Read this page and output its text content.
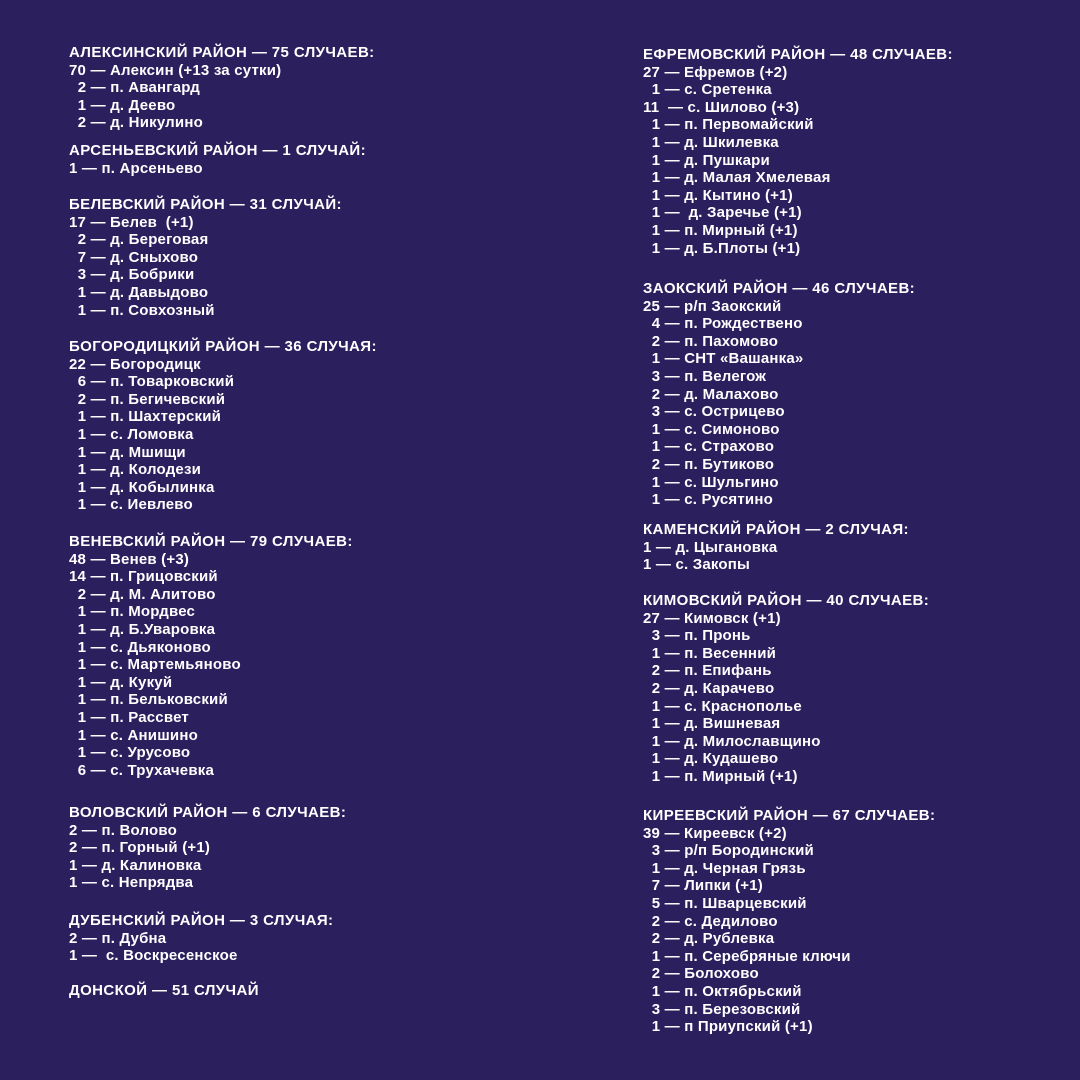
АЛЕКСИНСКИЙ РАЙОН — 75 СЛУЧАЕВ:
70 — Алексин (+13 за сутки)
2 — п. Авангард
1 — д. Деево
2 — д. Никулино
АРСЕНЬЕВСКИЙ РАЙОН — 1 СЛУЧАЙ:
1 — п. Арсеньево
БЕЛЕВСКИЙ РАЙОН — 31 СЛУЧАЙ:
17 — Белев  (+1)
2 — д. Береговая
7 — д. Сныхово
3 — д. Бобрики
1 — д. Давыдово
1 — п. Совхозный
БОГОРОДИЦКИЙ РАЙОН — 36 СЛУЧАЯ:
22 — Богородицк
6 — п. Товарковский
2 — п. Бегичевский
1 — п. Шахтерский
1 — с. Ломовка
1 — д. Мшищи
1 — д. Колодези
1 — д. Кобылинка
1 — с. Иевлево
ВЕНЕВСКИЙ РАЙОН — 79 СЛУЧАЕВ:
48 — Венев (+3)
14 — п. Грицовский
2 — д. М. Алитово
1 — п. Мордвес
1 — д. Б.Уваровка
1 — с. Дьяконово
1 — с. Мартемьяново
1 — д. Кукуй
1 — п. Бельковский
1 — п. Рассвет
1 — с. Анишино
1 — с. Урусово
6 — с. Трухачевка
ВОЛОВСКИЙ РАЙОН — 6 СЛУЧАЕВ:
2 — п. Волово
2 — п. Горный (+1)
1 — д. Калиновка
1 — с. Непрядва
ДУБЕНСКИЙ РАЙОН — 3 СЛУЧАЯ:
2 — п. Дубна
1 —  с. Воскресенское
ДОНСКОЙ — 51 СЛУЧАЙ
ЕФРЕМОВСКИЙ РАЙОН — 48 СЛУЧАЕВ:
27 — Ефремов (+2)
1 — с. Сретенка
11  — с. Шилово (+3)
1 — п. Первомайский
1 — д. Шкилевка
1 — д. Пушкари
1 — д. Малая Хмелевая
1 — д. Кытино (+1)
1 —  д. Заречье (+1)
1 — п. Мирный (+1)
1 — д. Б.Плоты (+1)
ЗАОКСКИЙ РАЙОН — 46 СЛУЧАЕВ:
25 — р/п Заокский
4 — п. Рождествено
2 — п. Пахомово
1 — СНТ «Вашанка»
3 — п. Велегож
2 — д. Малахово
3 — с. Острицево
1 — с. Симоново
1 — с. Страхово
2 — п. Бутиково
1 — с. Шульгино
1 — с. Русятино
КАМЕНСКИЙ РАЙОН — 2 СЛУЧАЯ:
1 — д. Цыгановка
1 — с. Закопы
КИМОВСКИЙ РАЙОН — 40 СЛУЧАЕВ:
27 — Кимовск (+1)
3 — п. Пронь
1 — п. Весенний
2 — п. Епифань
2 — д. Карачево
1 — с. Краснополье
1 — д. Вишневая
1 — д. Милославщино
1 — д. Кудашево
1 — п. Мирный (+1)
КИРЕЕВСКИЙ РАЙОН — 67 СЛУЧАЕВ:
39 — Киреевск (+2)
3 — р/п Бородинский
1 — д. Черная Грязь
7 — Липки (+1)
5 — п. Шварцевский
2 — с. Дедилово
2 — д. Рублевка
1 — п. Серебряные ключи
2 — Болохово
1 — п. Октябрьский
3 — п. Березовский
1 — п Приупский (+1)
